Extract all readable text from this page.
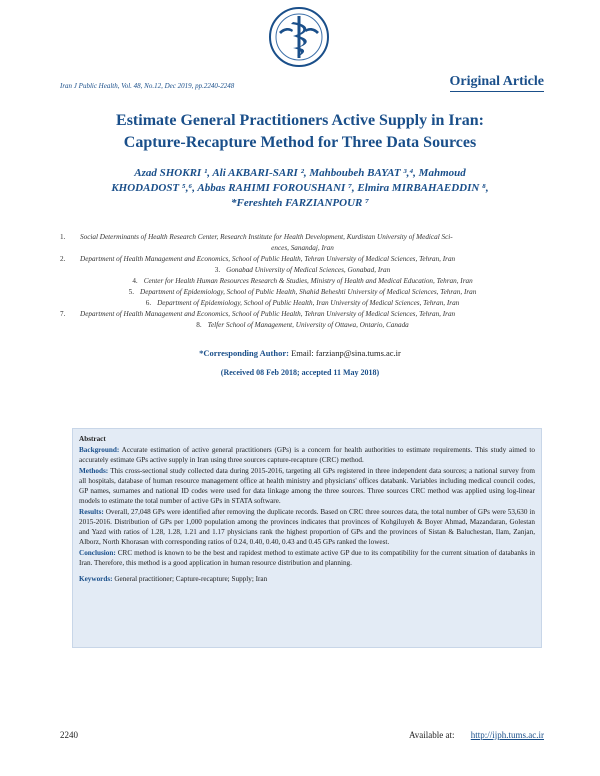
Iran J Public Health, Vol. 48, No.12, Dec 2019, pp.2240-2248	Original Article
Estimate General Practitioners Active Supply in Iran:
Capture-Recapture Method for Three Data Sources
Azad SHOKRI ¹, Ali AKBARI-SARI ², Mahboubeh BAYAT ³,⁴, Mahmoud
KHODADOST ⁵,⁶, Abbas RAHIMI FOROUSHANI ⁷, Elmira MIRBAHAEDDIN ⁸,
*Fereshteh FARZIANPOUR ⁷
1.	Social Determinants of Health Research Center, Research Institute for Health Development, Kurdistan University of Medical Sci-
ences, Sanandaj, Iran
2.	Department of Health Management and Economics, School of Public Health, Tehran University of Medical Sciences, Tehran, Iran
3. Gonabad University of Medical Sciences, Gonabad, Iran
4. Center for Health Human Resources Research & Studies, Ministry of Health and Medical Education, Tehran, Iran
5. Department of Epidemiology, School of Public Health, Shahid Beheshti University of Medical Sciences, Tehran, Iran
6. Department of Epidemiology, School of Public Health, Iran University of Medical Sciences, Tehran, Iran
7.	Department of Health Management and Economics, School of Public Health, Tehran University of Medical Sciences, Tehran, Iran
8. Telfer School of Management, University of Ottawa, Ontario, Canada
*Corresponding Author: Email: farzianp@sina.tums.ac.ir
(Received 08 Feb 2018; accepted 11 May 2018)

Abstract

Background: Accurate estimation of active general practitioners (GPs) is a concern for health authorities to estimate requirements. This study aimed to accurately estimate GPs active supply in Iran using three sources capture-recapture (CRC) method.

Methods: This cross-sectional study collected data during 2015-2016, targeting all GPs registered in three independent data sources; a national survey from all hospitals, database of human resource management office at health ministry and physicians' offices databank. Variables including medical council codes, GP names, surnames and national ID codes were used for data linkage among the three sources. Three sources CRC method was applied using log-linear models to estimate the total number of active GPs in STATA software.

Results: Overall, 27,048 GPs were identified after removing the duplicate records. Based on CRC three sources data, the total number of GPs were 53,630 in 2015-2016. Distribution of GPs per 1,000 population among the provinces indicates that provinces of Kohgiluyeh & Boyer Ahmad, Mazandaran, Golestan and Yazd with ratios of 1.28, 1.28, 1.21 and 1.17 physicians rank the highest proportion of GPs and the provinces of Sistan & Baluchestan, Ilam, Zanjan, Alborz, North Khorasan with corresponding ratios of 0.24, 0.40, 0.40, 0.43 and 0.45 GPs ranked the lowest.

Conclusion: CRC method is known to be the best and rapidest method to estimate active GP due to its compatibility for the current situation of databanks in Iran. Therefore, this method is a good application in human resource distribution and planning.

Keywords: General practitioner; Capture-recapture; Supply; Iran

2240	Available at: http://ijph.tums.ac.ir
